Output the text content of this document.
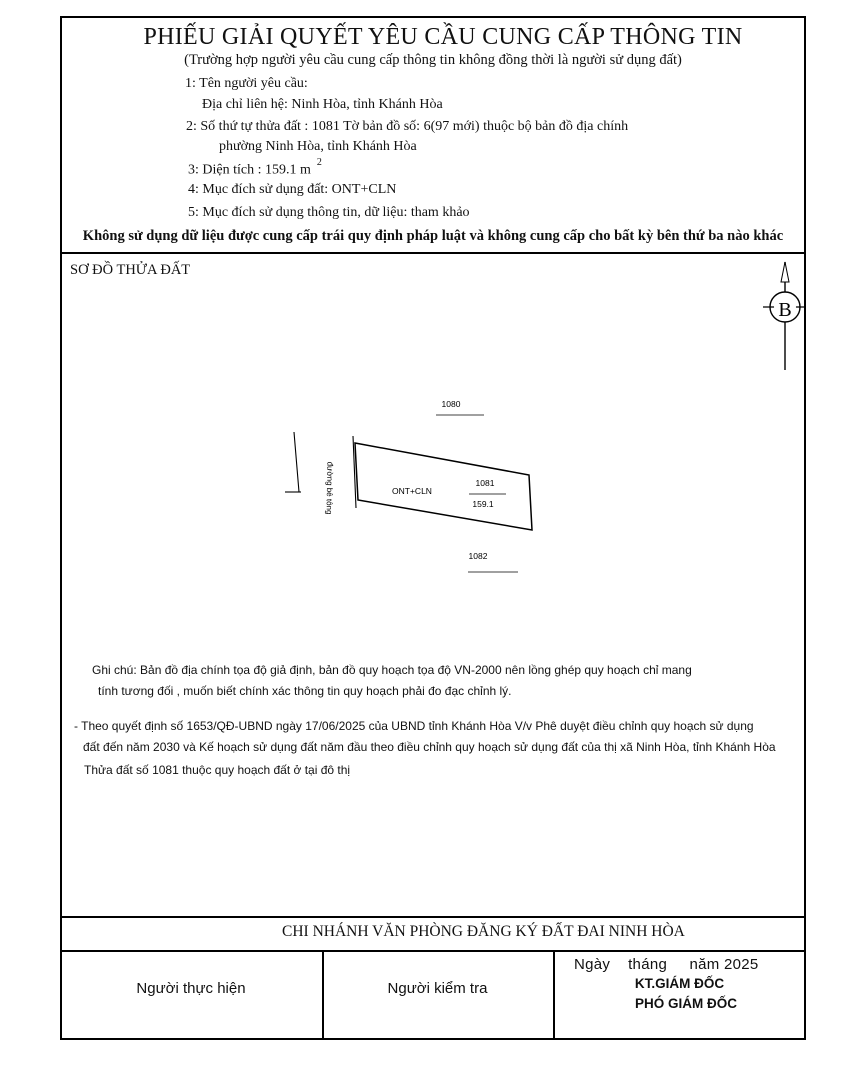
PHIẾU GIẢI QUYẾT YÊU CẦU CUNG CẤP THÔNG TIN
(Trường hợp người yêu cầu cung cấp thông tin không đồng thời là người sử dụng đất)
1: Tên người yêu cầu:
Địa chỉ liên hệ: Ninh Hòa, tỉnh Khánh Hòa
2: Số thứ tự thửa đất : 1081 Tờ bản đồ số: 6(97 mới) thuộc bộ bản đồ địa chính
phường Ninh Hòa, tỉnh Khánh Hòa
3: Diện tích : 159.1 $m^2$
4: Mục đích sử dụng đất: ONT+CLN
5: Mục đích sử dụng thông tin, dữ liệu: tham khảo
Không sử dụng dữ liệu được cung cấp trái quy định pháp luật và không cung cấp cho bất kỳ bên thứ ba nào khác
SƠ ĐỒ THỬA ĐẤT
B
1080
đường bê tông	ONT+CLN
1081
159.1
1082
Ghi chú: Bản đồ địa chính tọa độ giả định, bản đồ quy hoạch tọa độ VN-2000 nên lồng ghép quy hoạch chỉ mang
tính tương đối , muốn biết chính xác thông tin quy hoạch phải đo đạc chỉnh lý.
- Theo quyết định số 1653/QĐ-UBND ngày 17/06/2025 của UBND tỉnh Khánh Hòa V/v Phê duyệt điều chỉnh quy hoạch sử dụng
đất đến năm 2030 và Kế hoạch sử dụng đất năm đầu theo điều chỉnh quy hoạch sử dụng đất của thị xã Ninh Hòa, tỉnh Khánh Hòa
Thửa đất số 1081 thuộc quy hoạch đất ở tại đô thị
CHI NHÁNH VĂN PHÒNG ĐĂNG KÝ ĐẤT ĐAI NINH HÒA
Người thực hiện	Người kiểm tra
Ngày    tháng     năm 2025
KT.GIÁM ĐỐC
PHÓ GIÁM ĐỐC
